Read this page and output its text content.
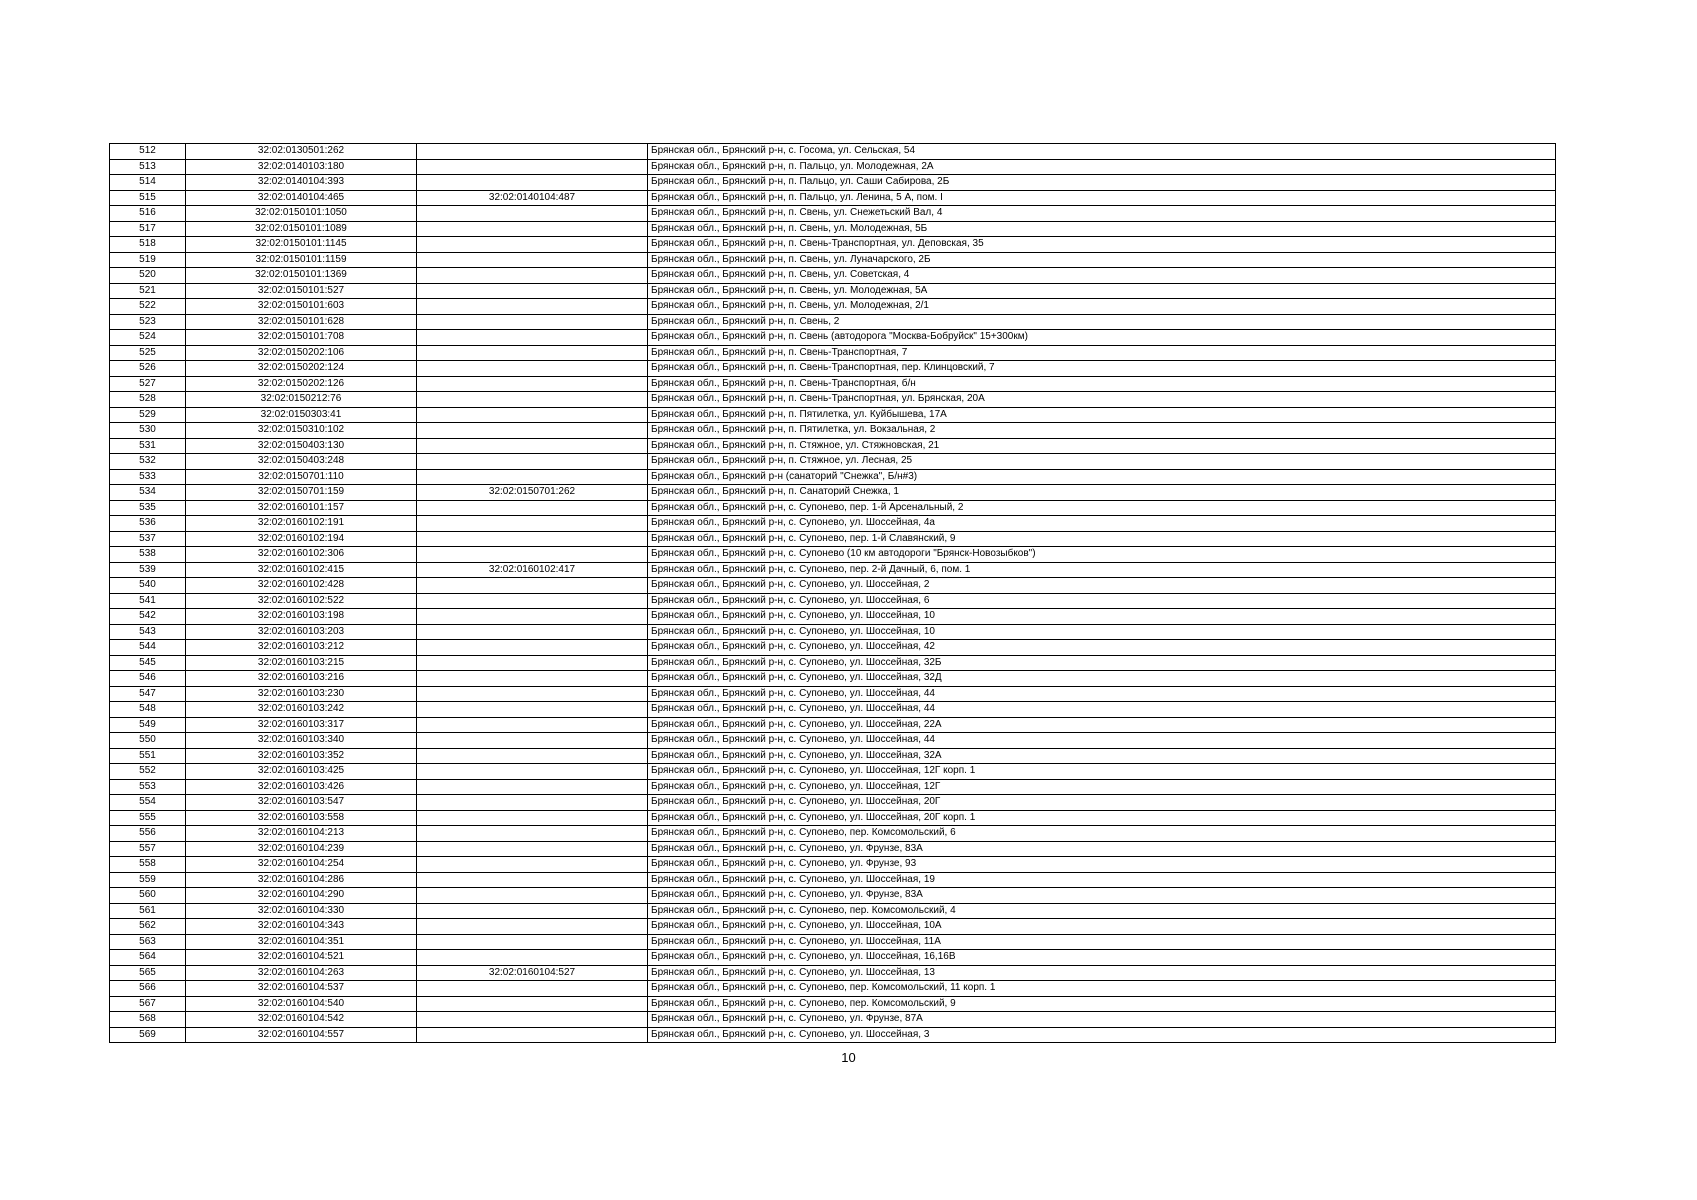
512	32:02:0130501:262		Брянская обл., Брянский р-н, с. Госома, ул. Сельская, 54
513	32:02:0140103:180		Брянская обл., Брянский р-н, п. Пальцо, ул. Молодежная, 2А
514	32:02:0140104:393		Брянская обл., Брянский р-н, п. Пальцо, ул. Саши Сабирова, 2Б
515	32:02:0140104:465	32:02:0140104:487	Брянская обл., Брянский р-н, п. Пальцо, ул. Ленина, 5 А, пом. I
516	32:02:0150101:1050		Брянская обл., Брянский р-н, п. Свень, ул. Снежетьский Вал, 4
517	32:02:0150101:1089		Брянская обл., Брянский р-н, п. Свень, ул. Молодежная, 5Б
518	32:02:0150101:1145		Брянская обл., Брянский р-н, п. Свень-Транспортная, ул. Деповская, 35
519	32:02:0150101:1159		Брянская обл., Брянский р-н, п. Свень, ул. Луначарского, 2Б
520	32:02:0150101:1369		Брянская обл., Брянский р-н, п. Свень, ул. Советская, 4
521	32:02:0150101:527		Брянская обл., Брянский р-н, п. Свень, ул. Молодежная, 5А
522	32:02:0150101:603		Брянская обл., Брянский р-н, п. Свень, ул. Молодежная, 2/1
523	32:02:0150101:628		Брянская обл., Брянский р-н, п. Свень, 2
524	32:02:0150101:708		Брянская обл., Брянский р-н, п. Свень (автодорога "Москва-Бобруйск" 15+300км)
525	32:02:0150202:106		Брянская обл., Брянский р-н, п. Свень-Транспортная, 7
526	32:02:0150202:124		Брянская обл., Брянский р-н, п. Свень-Транспортная, пер. Клинцовский, 7
527	32:02:0150202:126		Брянская обл., Брянский р-н, п. Свень-Транспортная, б/н
528	32:02:0150212:76		Брянская обл., Брянский р-н, п. Свень-Транспортная, ул. Брянская, 20А
529	32:02:0150303:41		Брянская обл., Брянский р-н, п. Пятилетка, ул. Куйбышева, 17А
530	32:02:0150310:102		Брянская обл., Брянский р-н, п. Пятилетка, ул. Вокзальная, 2
531	32:02:0150403:130		Брянская обл., Брянский р-н, п. Стяжное, ул. Стяжновская, 21
532	32:02:0150403:248		Брянская обл., Брянский р-н, п. Стяжное, ул. Лесная, 25
533	32:02:0150701:110		Брянская обл., Брянский р-н (санаторий "Снежка", Б/н#3)
534	32:02:0150701:159	32:02:0150701:262	Брянская обл., Брянский р-н, п. Санаторий Снежка, 1
535	32:02:0160101:157		Брянская обл., Брянский р-н, с. Супонево, пер. 1-й Арсенальный, 2
536	32:02:0160102:191		Брянская обл., Брянский р-н, с. Супонево, ул. Шоссейная, 4а
537	32:02:0160102:194		Брянская обл., Брянский р-н, с. Супонево, пер. 1-й Славянский, 9
538	32:02:0160102:306		Брянская обл., Брянский р-н, с. Супонево (10 км автодороги "Брянск-Новозыбков")
539	32:02:0160102:415	32:02:0160102:417	Брянская обл., Брянский р-н, с. Супонево, пер. 2-й Дачный, 6, пом. 1
540	32:02:0160102:428		Брянская обл., Брянский р-н, с. Супонево, ул. Шоссейная, 2
541	32:02:0160102:522		Брянская обл., Брянский р-н, с. Супонево, ул. Шоссейная, 6
542	32:02:0160103:198		Брянская обл., Брянский р-н, с. Супонево, ул. Шоссейная, 10
543	32:02:0160103:203		Брянская обл., Брянский р-н, с. Супонево, ул. Шоссейная, 10
544	32:02:0160103:212		Брянская обл., Брянский р-н, с. Супонево, ул. Шоссейная, 42
545	32:02:0160103:215		Брянская обл., Брянский р-н, с. Супонево, ул. Шоссейная, 32Б
546	32:02:0160103:216		Брянская обл., Брянский р-н, с. Супонево, ул. Шоссейная, 32Д
547	32:02:0160103:230		Брянская обл., Брянский р-н, с. Супонево, ул. Шоссейная, 44
548	32:02:0160103:242		Брянская обл., Брянский р-н, с. Супонево, ул. Шоссейная, 44
549	32:02:0160103:317		Брянская обл., Брянский р-н, с. Супонево, ул. Шоссейная, 22А
550	32:02:0160103:340		Брянская обл., Брянский р-н, с. Супонево, ул. Шоссейная, 44
551	32:02:0160103:352		Брянская обл., Брянский р-н, с. Супонево, ул. Шоссейная, 32А
552	32:02:0160103:425		Брянская обл., Брянский р-н, с. Супонево, ул. Шоссейная, 12Г корп. 1
553	32:02:0160103:426		Брянская обл., Брянский р-н, с. Супонево, ул. Шоссейная, 12Г
554	32:02:0160103:547		Брянская обл., Брянский р-н, с. Супонево, ул. Шоссейная, 20Г
555	32:02:0160103:558		Брянская обл., Брянский р-н, с. Супонево, ул. Шоссейная, 20Г корп. 1
556	32:02:0160104:213		Брянская обл., Брянский р-н, с. Супонево, пер. Комсомольский, 6
557	32:02:0160104:239		Брянская обл., Брянский р-н, с. Супонево, ул. Фрунзе, 83А
558	32:02:0160104:254		Брянская обл., Брянский р-н, с. Супонево, ул. Фрунзе, 93
559	32:02:0160104:286		Брянская обл., Брянский р-н, с. Супонево, ул. Шоссейная, 19
560	32:02:0160104:290		Брянская обл., Брянский р-н, с. Супонево, ул. Фрунзе, 83А
561	32:02:0160104:330		Брянская обл., Брянский р-н, с. Супонево, пер. Комсомольский, 4
562	32:02:0160104:343		Брянская обл., Брянский р-н, с. Супонево, ул. Шоссейная, 10А
563	32:02:0160104:351		Брянская обл., Брянский р-н, с. Супонево, ул. Шоссейная, 11А
564	32:02:0160104:521		Брянская обл., Брянский р-н, с. Супонево, ул. Шоссейная, 16,16В
565	32:02:0160104:263	32:02:0160104:527	Брянская обл., Брянский р-н, с. Супонево, ул. Шоссейная, 13
566	32:02:0160104:537		Брянская обл., Брянский р-н, с. Супонево, пер. Комсомольский, 11 корп. 1
567	32:02:0160104:540		Брянская обл., Брянский р-н, с. Супонево, пер. Комсомольский, 9
568	32:02:0160104:542		Брянская обл., Брянский р-н, с. Супонево, ул. Фрунзе, 87А
569	32:02:0160104:557		Брянская обл., Брянский р-н, с. Супонево, ул. Шоссейная, 3
10
